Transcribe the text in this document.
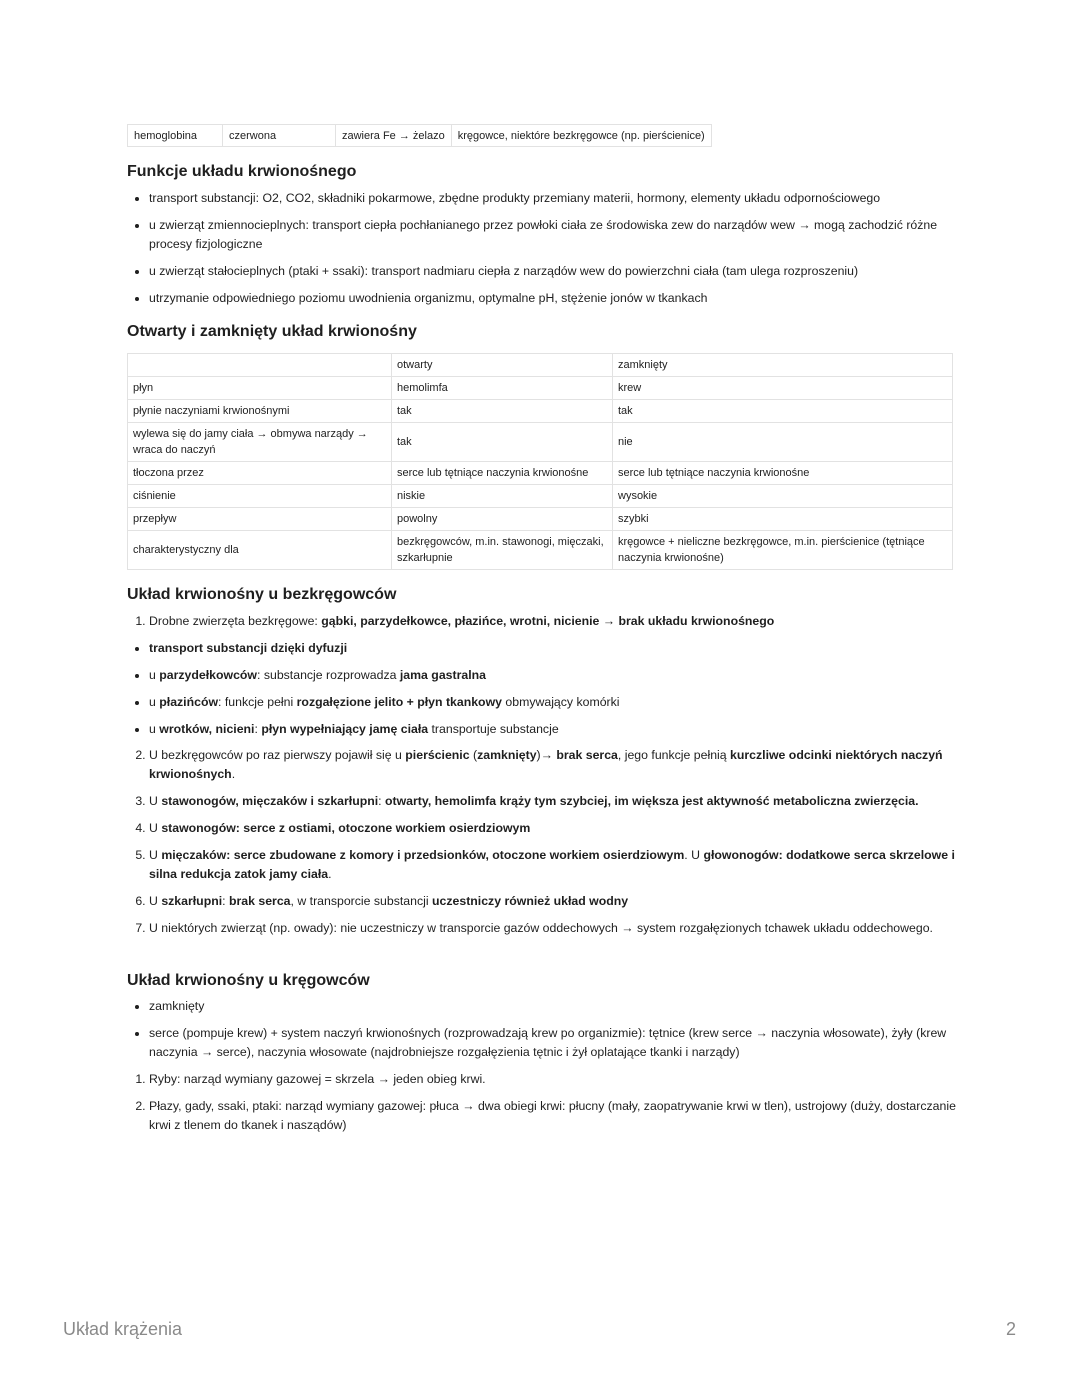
hemoglobina	czerwona	zawiera Fe → żelazo	kręgowce, niektóre bezkręgowce (np. pierścienice)
Funkcje układu krwionośnego
• transport substancji: O2, CO2, składniki pokarmowe, zbędne produkty przemiany materii, hormony, elementy układu odpornościowego
• u zwierząt zmiennocieplnych: transport ciepła pochłanianego przez powłoki ciała ze środowiska zew do narządów wew → mogą zachodzić różne procesy fizjologiczne
• u zwierząt stałocieplnych (ptaki + ssaki): transport nadmiaru ciepła z narządów wew do powierzchni ciała (tam ulega rozproszeniu)
• utrzymanie odpowiedniego poziomu uwodnienia organizmu, optymalne pH, stężenie jonów w tkankach
Otwarty i zamknięty układ krwionośny
	otwarty	zamknięty
płyn	hemolimfa	krew
płynie naczyniami krwionośnymi	tak	tak
wylewa się do jamy ciała → obmywa narządy → wraca do naczyń	tak	nie
tłoczona przez	serce lub tętniące naczynia krwionośne	serce lub tętniące naczynia krwionośne
ciśnienie	niskie	wysokie
przepływ	powolny	szybki
charakterystyczny dla	bezkręgowców, m.in. stawonogi, mięczaki, szkarłupnie	kręgowce + nieliczne bezkręgowce, m.in. pierścienice (tętniące naczynia krwionośne)
Układ krwionośny u bezkręgowców
1. Drobne zwierzęta bezkręgowe: gąbki, parzydełkowce, płazińce, wrotni, nicienie → brak układu krwionośnego
• transport substancji dzięki dyfuzji
• u parzydełkowców: substancje rozprowadza jama gastralna
• u płazińców: funkcje pełni rozgałęzione jelito + płyn tkankowy obmywający komórki
• u wrotków, nicieni: płyn wypełniający jamę ciała transportuje substancje
2. U bezkręgowców po raz pierwszy pojawił się u pierścienic (zamknięty)→ brak serca, jego funkcje pełnią kurczliwe odcinki niektórych naczyń krwionośnych.
3. U stawonogów, mięczaków i szkarłupni: otwarty, hemolimfa krąży tym szybciej, im większa jest aktywność metaboliczna zwierzęcia.
4. U stawonogów: serce z ostiami, otoczone workiem osierdziowym
5. U mięczaków: serce zbudowane z komory i przedsionków, otoczone workiem osierdziowym. U głowonogów: dodatkowe serca skrzelowe i silna redukcja zatok jamy ciała.
6. U szkarłupni: brak serca, w transporcie substancji uczestniczy również układ wodny
7. U niektórych zwierząt (np. owady): nie uczestniczy w transporcie gazów oddechowych → system rozgałęzionych tchawek układu oddechowego.
Układ krwionośny u kręgowców
• zamknięty
• serce (pompuje krew) + system naczyń krwionośnych (rozprowadzają krew po organizmie): tętnice (krew serce → naczynia włosowate), żyły (krew naczynia → serce), naczynia włosowate (najdrobniejsze rozgałęzienia tętnic i żył oplatające tkanki i narządy)
1. Ryby: narząd wymiany gazowej = skrzela → jeden obieg krwi.
2. Płazy, gady, ssaki, ptaki: narząd wymiany gazowej: płuca → dwa obiegi krwi: płucny (mały, zaopatrywanie krwi w tlen), ustrojowy (duży, dostarczanie krwi z tlenem do tkanek i nasządów)
Układ krążenia	2
